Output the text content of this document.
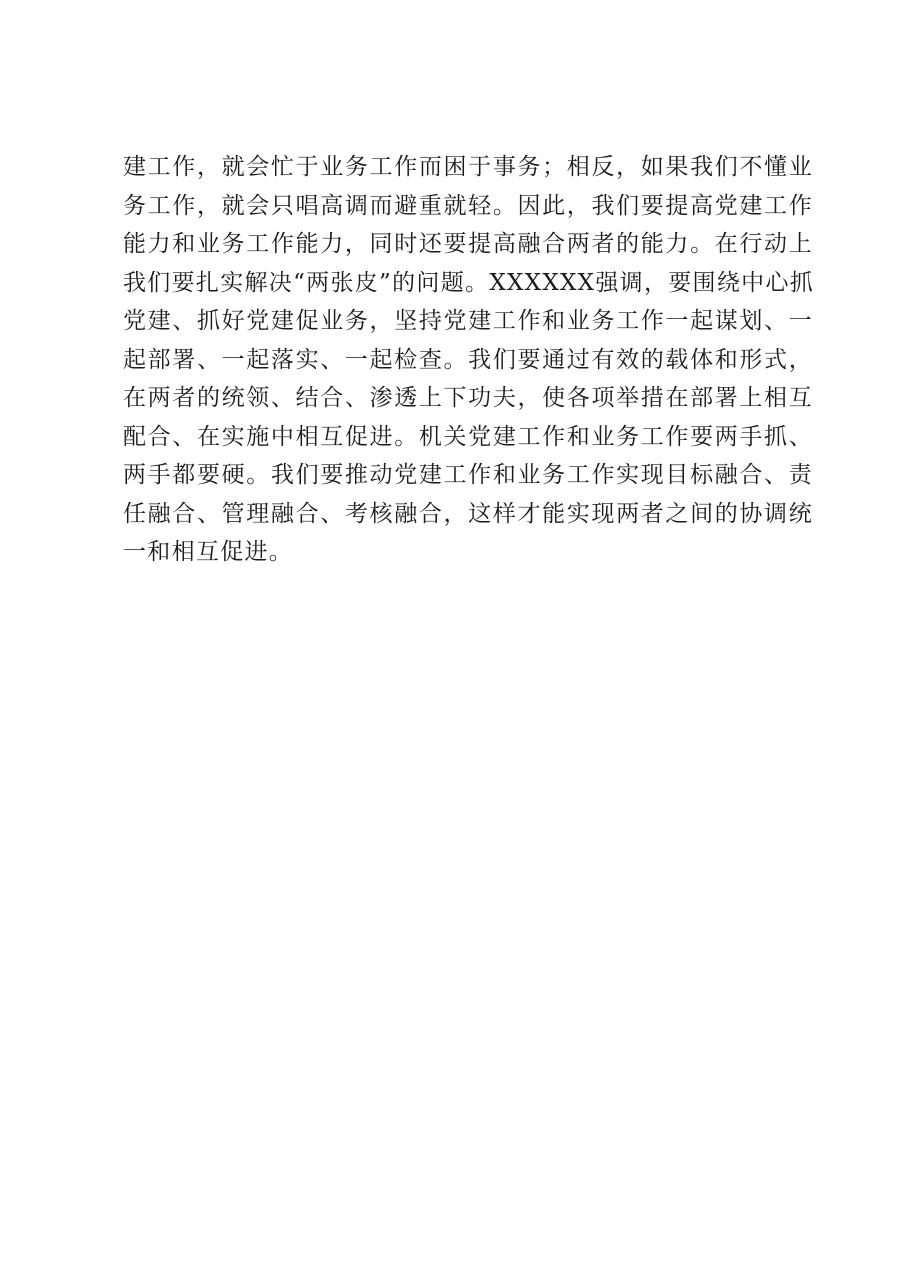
建工作，就会忙于业务工作而困于事务；相反，如果我们不懂业
务工作，就会只唱高调而避重就轻。因此，我们要提高党建工作
能力和业务工作能力，同时还要提高融合两者的能力。在行动上
我们要扎实解决“两张皮”的问题。XXXXXX强调，要围绕中心抓
党建、抓好党建促业务，坚持党建工作和业务工作一起谋划、一
起部署、一起落实、一起检查。我们要通过有效的载体和形式，
在两者的统领、结合、渗透上下功夫，使各项举措在部署上相互
配合、在实施中相互促进。机关党建工作和业务工作要两手抓、
两手都要硬。我们要推动党建工作和业务工作实现目标融合、责
任融合、管理融合、考核融合，这样才能实现两者之间的协调统
一和相互促进。
